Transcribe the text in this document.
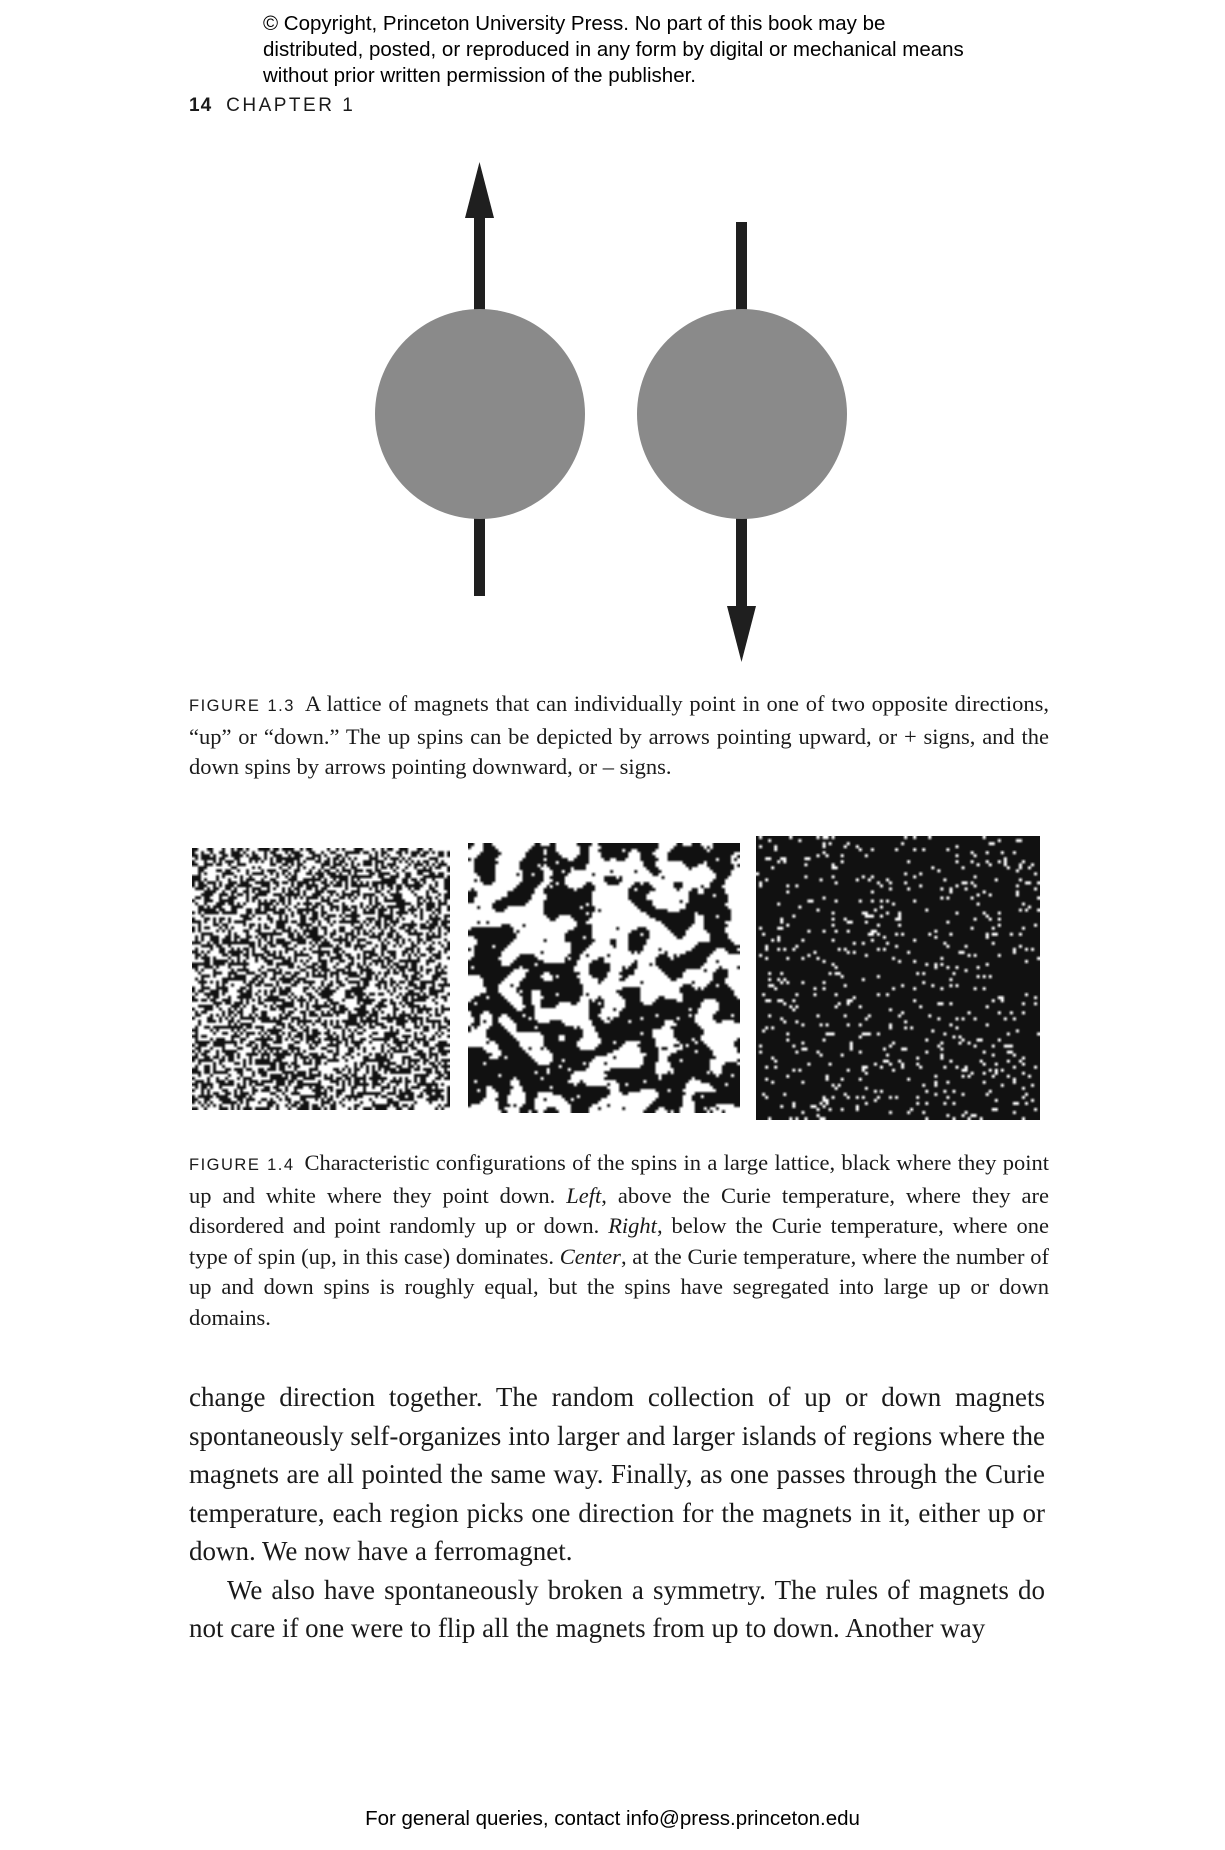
© Copyright, Princeton University Press. No part of this book may be distributed, posted, or reproduced in any form by digital or mechanical means without prior written permission of the publisher.
14 CHAPTER 1
FIGURE 1.3 A lattice of magnets that can individually point in one of two opposite directions, “up” or “down.” The up spins can be depicted by arrows pointing upward, or + signs, and the down spins by arrows pointing downward, or – signs.
FIGURE 1.4 Characteristic configurations of the spins in a large lattice, black where they point up and white where they point down. Left, above the Curie temperature, where they are disordered and point randomly up or down. Right, below the Curie temperature, where one type of spin (up, in this case) dominates. Center, at the Curie temperature, where the number of up and down spins is roughly equal, but the spins have segregated into large up or down domains.

change direction together. The random collection of up or down magnets spontaneously self-organizes into larger and larger islands of regions where the magnets are all pointed the same way. Finally, as one passes through the Curie temperature, each region picks one direction for the magnets in it, either up or down. We now have a ferromagnet.

We also have spontaneously broken a symmetry. The rules of magnets do not care if one were to flip all the magnets from up to down. Another way

For general queries, contact info@press.princeton.edu
